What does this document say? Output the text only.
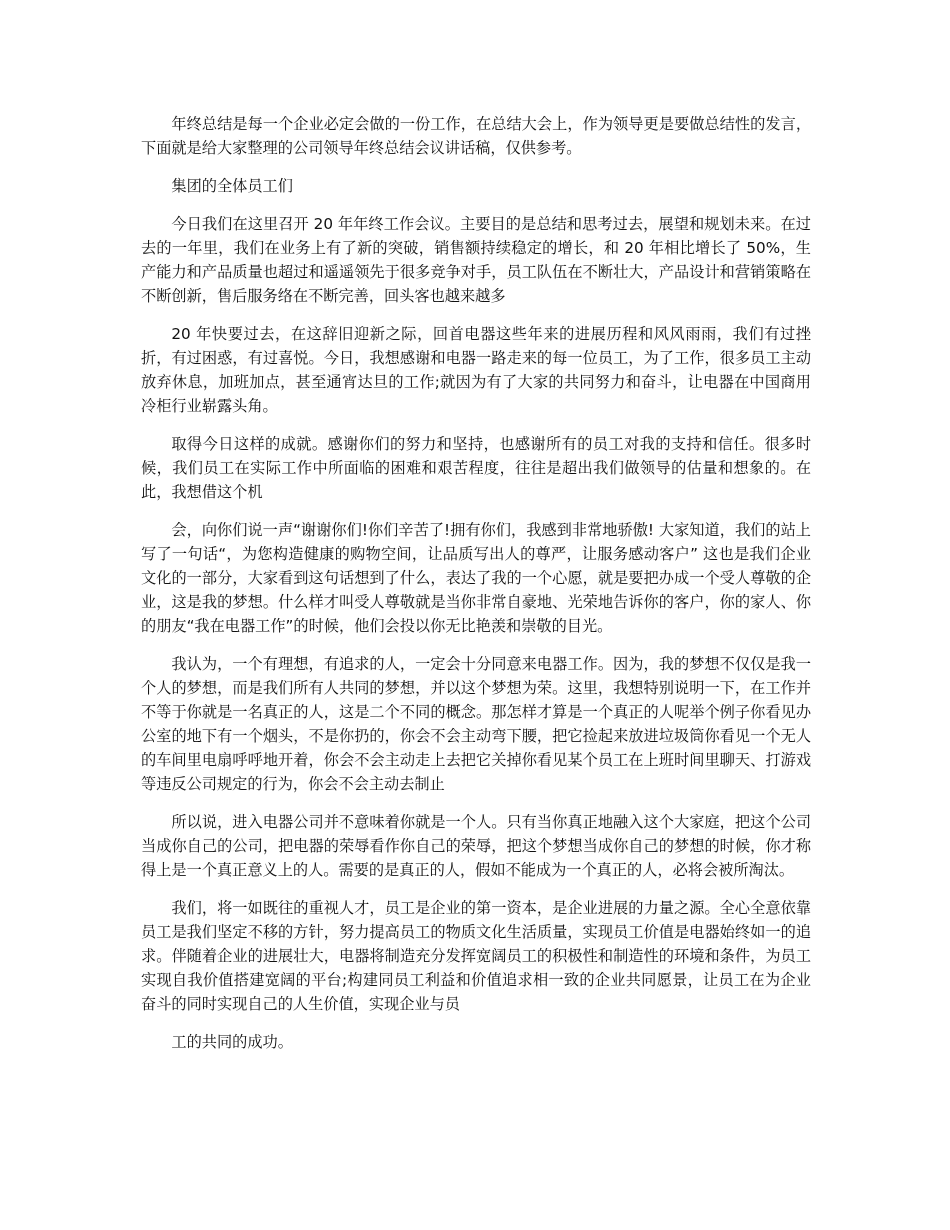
年终总结是每一个企业必定会做的一份工作，在总结大会上，作为领导更是要做总结性的发言，下面就是给大家整理的公司领导年终总结会议讲话稿，仅供参考。

集团的全体员工们

今日我们在这里召开 20 年年终工作会议。主要目的是总结和思考过去，展望和规划未来。在过去的一年里，我们在业务上有了新的突破，销售额持续稳定的增长，和 20 年相比增长了 50%，生产能力和产品质量也超过和遥遥领先于很多竞争对手，员工队伍在不断壮大，产品设计和营销策略在不断创新，售后服务络在不断完善，回头客也越来越多

20 年快要过去，在这辞旧迎新之际，回首电器这些年来的进展历程和风风雨雨，我们有过挫折，有过困惑，有过喜悦。今日，我想感谢和电器一路走来的每一位员工，为了工作，很多员工主动放弃休息，加班加点，甚至通宵达旦的工作;就因为有了大家的共同努力和奋斗，让电器在中国商用冷柜行业崭露头角。

取得今日这样的成就。感谢你们的努力和坚持，也感谢所有的员工对我的支持和信任。很多时候，我们员工在实际工作中所面临的困难和艰苦程度，往往是超出我们做领导的估量和想象的。在此，我想借这个机

会，向你们说一声“谢谢你们!你们辛苦了!拥有你们，我感到非常地骄傲! 大家知道，我们的站上写了一句话“，为您构造健康的购物空间，让品质写出人的尊严，让服务感动客户” 这也是我们企业文化的一部分，大家看到这句话想到了什么，表达了我的一个心愿，就是要把办成一个受人尊敬的企业，这是我的梦想。什么样才叫受人尊敬就是当你非常自豪地、光荣地告诉你的客户，你的家人、你的朋友“我在电器工作”的时候，他们会投以你无比艳羡和崇敬的目光。

我认为，一个有理想，有追求的人，一定会十分同意来电器工作。因为，我的梦想不仅仅是我一个人的梦想，而是我们所有人共同的梦想，并以这个梦想为荣。这里，我想特别说明一下，在工作并不等于你就是一名真正的人，这是二个不同的概念。那怎样才算是一个真正的人呢举个例子你看见办公室的地下有一个烟头，不是你扔的，你会不会主动弯下腰，把它捡起来放进垃圾筒你看见一个无人的车间里电扇呼呼地开着，你会不会主动走上去把它关掉你看见某个员工在上班时间里聊天、打游戏等违反公司规定的行为，你会不会主动去制止

所以说，进入电器公司并不意味着你就是一个人。只有当你真正地融入这个大家庭，把这个公司当成你自己的公司，把电器的荣辱看作你自己的荣辱，把这个梦想当成你自己的梦想的时候，你才称得上是一个真正意义上的人。需要的是真正的人，假如不能成为一个真正的人，必将会被所淘汰。

我们，将一如既往的重视人才，员工是企业的第一资本，是企业进展的力量之源。全心全意依靠员工是我们坚定不移的方针，努力提高员工的物质文化生活质量，实现员工价值是电器始终如一的追求。伴随着企业的进展壮大，电器将制造充分发挥宽阔员工的积极性和制造性的环境和条件，为员工实现自我价值搭建宽阔的平台;构建同员工利益和价值追求相一致的企业共同愿景，让员工在为企业奋斗的同时实现自己的人生价值，实现企业与员

工的共同的成功。
